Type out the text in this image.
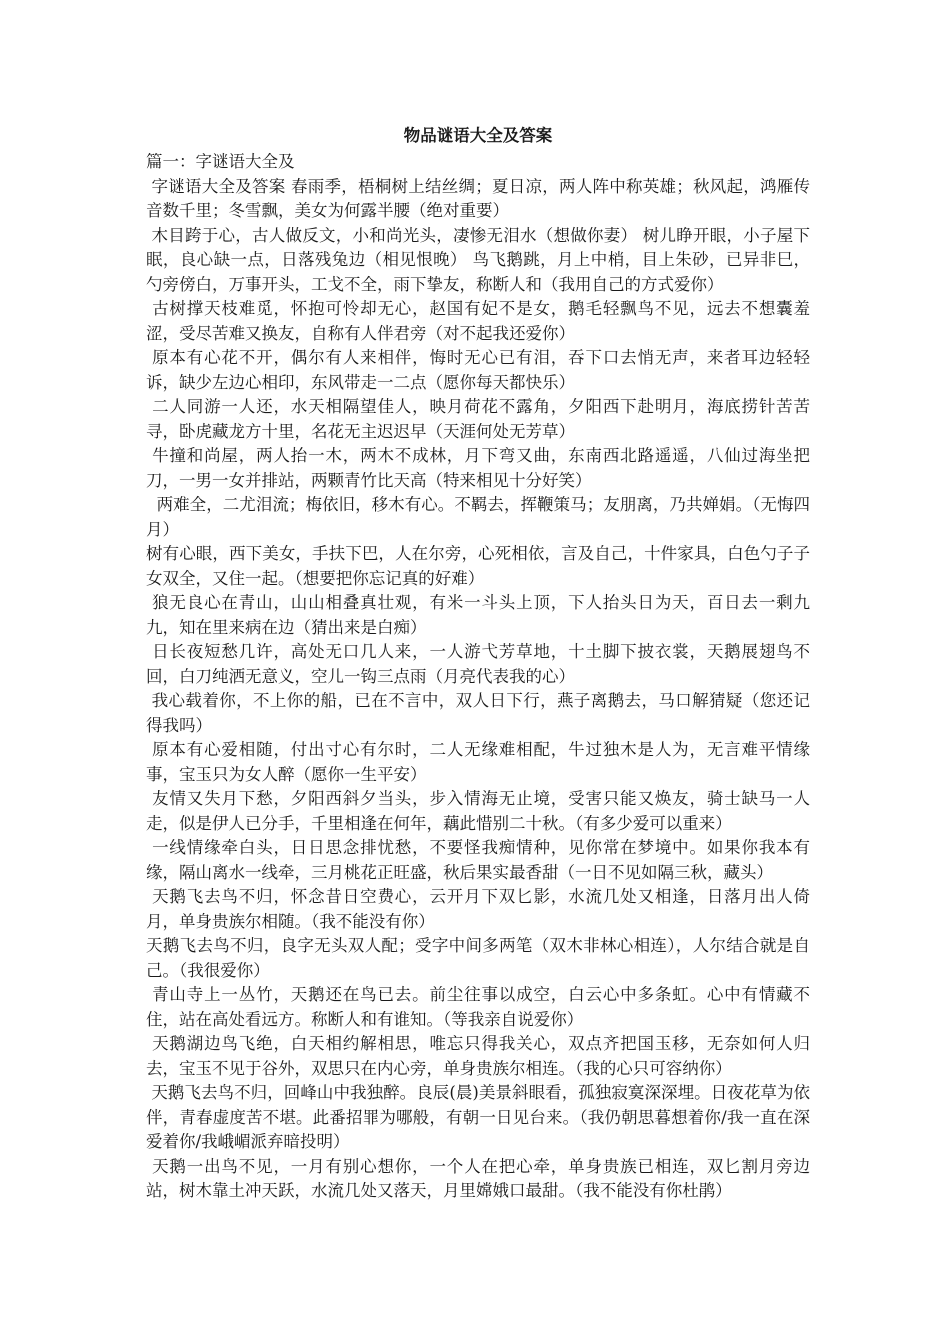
物品谜语大全及答案

篇一：字谜语大全及

字谜语大全及答案 春雨季，梧桐树上结丝绸；夏日凉，两人阵中称英雄；秋风起，鸿雁传音数千里；冬雪飘，美女为何露半腰（绝对重要）

木目跨于心，古人做反文，小和尚光头，凄惨无泪水（想做你妻） 树儿睁开眼，小子屋下眠，良心缺一点，日落残兔边（相见恨晚） 鸟飞鹅跳，月上中梢，目上朱砂，已异非巳，勺旁傍白，万事开头，工戈不全，雨下挚友，称断人和（我用自己的方式爱你）

古树撑天枝难觅，怀抱可怜却无心，赵国有妃不是女，鹅毛轻飘鸟不见，远去不想囊羞涩，受尽苦难又换友，自称有人伴君旁（对不起我还爱你）

原本有心花不开，偶尔有人来相伴，悔时无心已有泪，吞下口去悄无声，来者耳边轻轻诉，缺少左边心相印，东风带走一二点（愿你每天都快乐）

二人同游一人还，水天相隔望佳人，映月荷花不露角，夕阳西下赴明月，海底捞针苦苦寻，卧虎藏龙方十里，名花无主迟迟早（天涯何处无芳草）

牛撞和尚屋，两人抬一木，两木不成林，月下弯又曲，东南西北路遥遥，八仙过海坐把刀，一男一女并排站，两颗青竹比天高（特来相见十分好笑）

两难全，二尤泪流；梅依旧，移木有心。不羁去，挥鞭策马；友朋离，乃共婵娟。（无悔四月）

树有心眼，西下美女，手扶下巴，人在尔旁，心死相依，言及自己，十件家具，白色勺子子女双全，又住一起。（想要把你忘记真的好难）

狼无良心在青山，山山相叠真壮观，有米一斗头上顶，下人抬头日为天，百日去一剩九九，知在里来病在边（猜出来是白痴）

日长夜短愁几许，高处无口几人来，一人游弋芳草地，十土脚下披衣裳，天鹅展翅鸟不回，白刀纯洒无意义，空儿一钩三点雨（月亮代表我的心）

我心载着你，不上你的船，已在不言中，双人日下行，燕子离鹅去，马口解猜疑（您还记得我吗）

原本有心爱相随，付出寸心有尔时，二人无缘难相配，牛过独木是人为，无言难平情缘事，宝玉只为女人醉（愿你一生平安）

友情又失月下愁，夕阳西斜夕当头，步入情海无止境，受害只能又焕友，骑士缺马一人走，似是伊人已分手，千里相逢在何年，藕此惜别二十秋。（有多少爱可以重来）

一线情缘牵白头，日日思念排忧愁，不要怪我痴情种，见你常在梦境中。如果你我本有缘，隔山离水一线牵，三月桃花正旺盛，秋后果实最香甜（一日不见如隔三秋，藏头）

天鹅飞去鸟不归，怀念昔日空费心，云开月下双匕影，水流几处又相逢，日落月出人倚月，单身贵族尔相随。（我不能没有你）

天鹅飞去鸟不归，良字无头双人配；受字中间多两笔（双木非林心相连），人尔结合就是自己。（我很爱你）

青山寺上一丛竹，天鹅还在鸟已去。前尘往事以成空，白云心中多条虹。心中有情藏不住，站在高处看远方。称断人和有谁知。（等我亲自说爱你）

天鹅湖边鸟飞绝，白天相约解相思，唯忘只得我关心，双点齐把国玉移，无奈如何人归去，宝玉不见于谷外，双思只在内心旁，单身贵族尔相连。（我的心只可容纳你）

天鹅飞去鸟不归，回峰山中我独醉。良辰(晨)美景斜眼看，孤独寂寞深深埋。日夜花草为依伴，青春虚度苦不堪。此番招罪为哪般，有朝一日见台来。（我仍朝思暮想着你/我一直在深爱着你/我峨嵋派弃暗投明）

天鹅一出鸟不见，一月有别心想你，一个人在把心牵，单身贵族已相连，双匕割月旁边站，树木靠土冲天跃，水流几处又落天，月里嫦娥口最甜。（我不能没有你杜鹃）
